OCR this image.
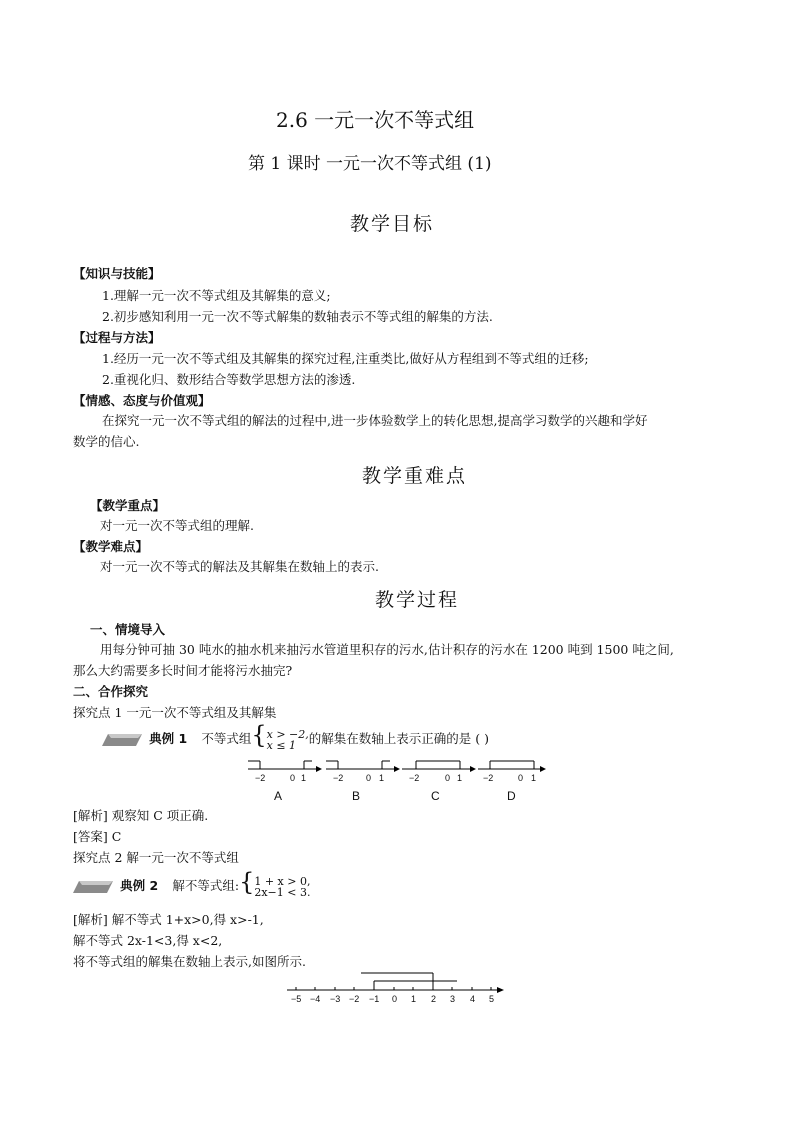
2.6 一元一次不等式组
第 1 课时 一元一次不等式组 (1)
教学目标
【知识与技能】
1.理解一元一次不等式组及其解集的意义;
2.初步感知利用一元一次不等式解集的数轴表示不等式组的解集的方法.
【过程与方法】
1.经历一元一次不等式组及其解集的探究过程,注重类比,做好从方程组到不等式组的迁移;
2.重视化归、数形结合等数学思想方法的渗透.
【情感、态度与价值观】
在探究一元一次不等式组的解法的过程中,进一步体验数学上的转化思想,提高学习数学的兴趣和学好
数学的信心.
教学重难点
【教学重点】
对一元一次不等式组的理解.
【教学难点】
对一元一次不等式的解法及其解集在数轴上的表示.
教学过程
一、情境导入
用每分钟可抽 30 吨水的抽水机来抽污水管道里积存的污水,估计积存的污水在 1200 吨到 1500 吨之间,
那么大约需要多长时间才能将污水抽完?
二、合作探究
探究点 1 一元一次不等式组及其解集
典例 1 不等式组{x > −2,
x ≤ 1 的解集在数轴上表示正确的是 ( )
−2	0 1	−2	0 1	−2	0 1 −2	0 1
A	B	C	D
[解析] 观察知 C 项正确.
[答案] C
探究点 2 解一元一次不等式组
典例 2 解不等式组:{1 + x > 0,
2x−1 < 3.
[解析] 解不等式 1+x>0,得 x>-1,
解不等式 2x-1<3,得 x<2,
将不等式组的解集在数轴上表示,如图所示.
−5 −4 −3 −2 −1 0 1 2 3 4 5
